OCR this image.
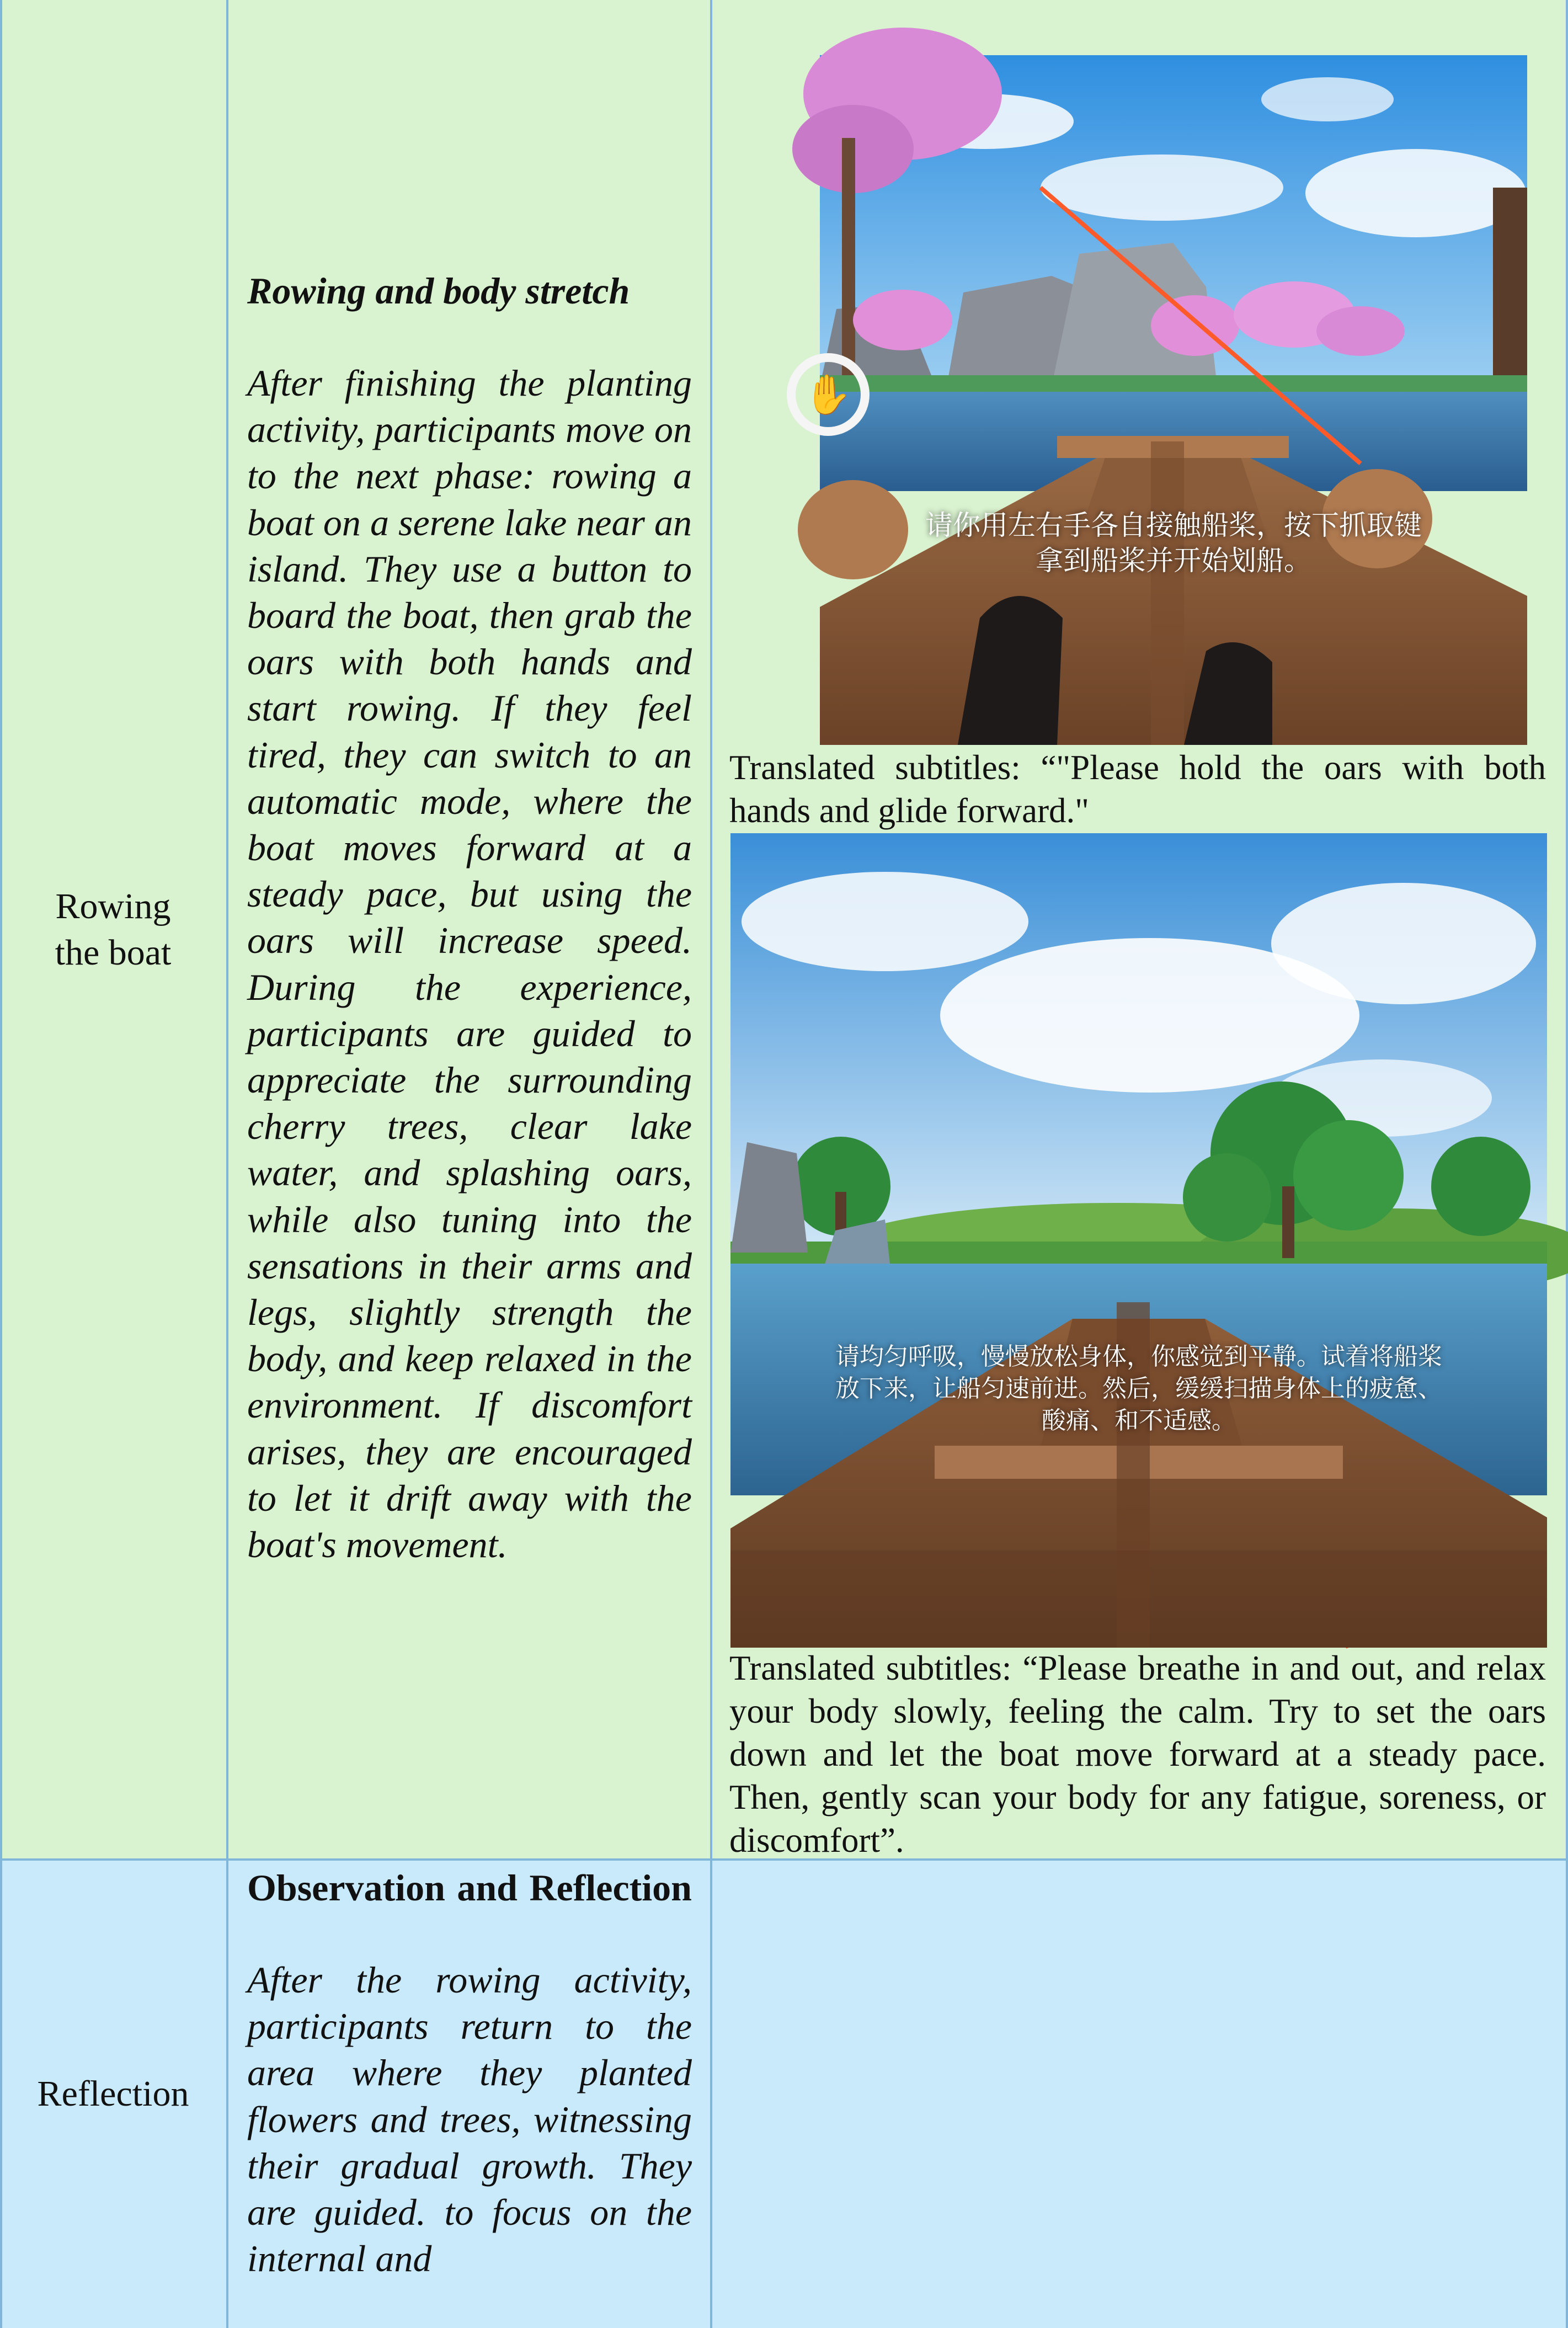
Rowing the boat

Rowing and body stretch

After finishing the planting activity, participants move on to the next phase: rowing a boat on a serene lake near an island. They use a button to board the boat, then grab the oars with both hands and start rowing. If they feel tired, they can switch to an automatic mode, where the boat moves forward at a steady pace, but using the oars will increase speed. During the experience, participants are guided to appreciate the surrounding cherry trees, clear lake water, and splashing oars, while also tuning into the sensations in their arms and legs, slightly strength the body, and keep relaxed in the environment. If discomfort arises, they are encouraged to let it drift away with the boat's movement.

✋
请你用左右手各自接触船桨，按下抓取键拿到船桨并开始划船。
Translated subtitles: “"Please hold the oars with both hands and glide forward."
请均匀呼吸，慢慢放松身体，你感觉到平静。试着将船桨放下来，让船匀速前进。然后，缓缓扫描身体上的疲惫、酸痛、和不适感。
Translated subtitles: “Please breathe in and out, and relax your body slowly, feeling the calm. Try to set the oars down and let the boat move forward at a steady pace. Then, gently scan your body for any fatigue, soreness, or discomfort”.
Reflection

Observation and Reflection

After the rowing activity, participants return to the area where they planted flowers and trees, witnessing their gradual growth. They are guided. to focus on the internal and
